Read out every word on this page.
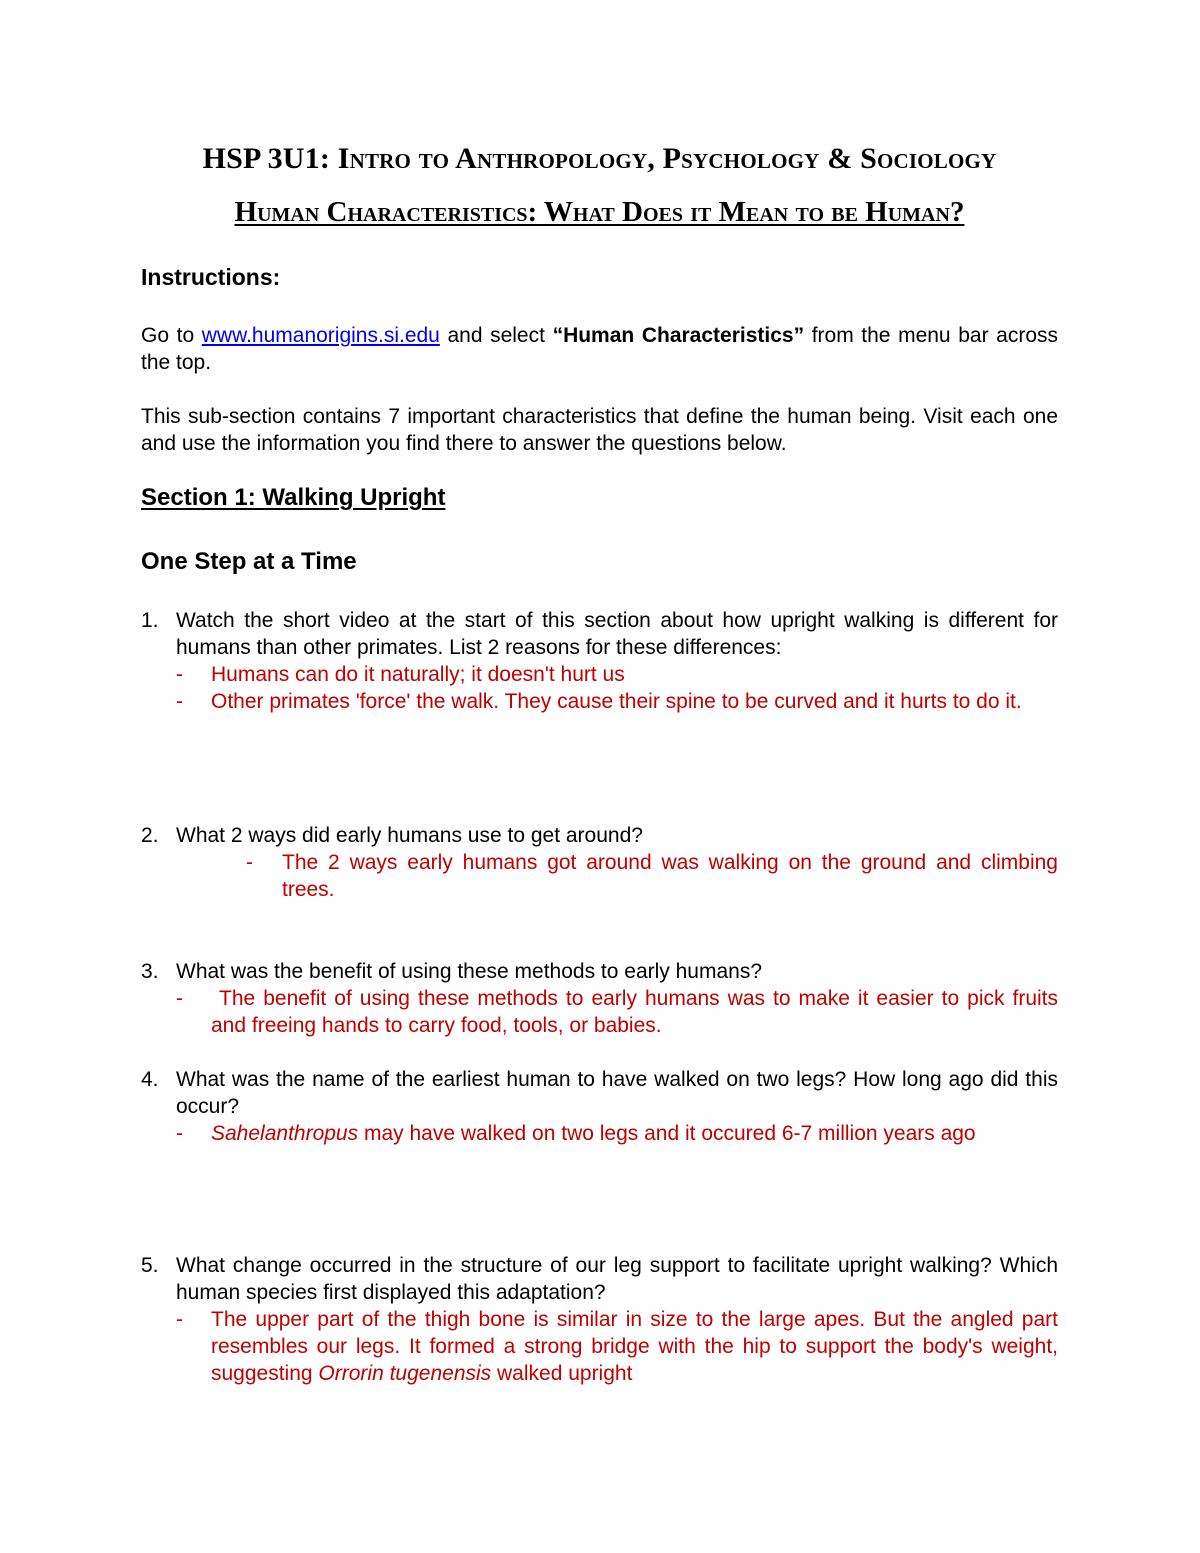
HSP 3U1: Intro to Anthropology, Psychology & Sociology
Human Characteristics: What Does it Mean to be Human?
Instructions:
Go to www.humanorigins.si.edu and select “Human Characteristics” from the menu bar across the top.
This sub-section contains 7 important characteristics that define the human being. Visit each one and use the information you find there to answer the questions below.
Section 1: Walking Upright
One Step at a Time
1. Watch the short video at the start of this section about how upright walking is different for humans than other primates. List 2 reasons for these differences:
- Humans can do it naturally; it doesn't hurt us
- Other primates 'force' the walk. They cause their spine to be curved and it hurts to do it.
2. What 2 ways did early humans use to get around?
- The 2 ways early humans got around was walking on the ground and climbing trees.
3. What was the benefit of using these methods to early humans?
- The benefit of using these methods to early humans was to make it easier to pick fruits and freeing hands to carry food, tools, or babies.
4. What was the name of the earliest human to have walked on two legs? How long ago did this occur?
- Sahelanthropus may have walked on two legs and it occured 6-7 million years ago
5. What change occurred in the structure of our leg support to facilitate upright walking? Which human species first displayed this adaptation?
- The upper part of the thigh bone is similar in size to the large apes. But the angled part resembles our legs. It formed a strong bridge with the hip to support the body's weight, suggesting Orrorin tugenensis walked upright
